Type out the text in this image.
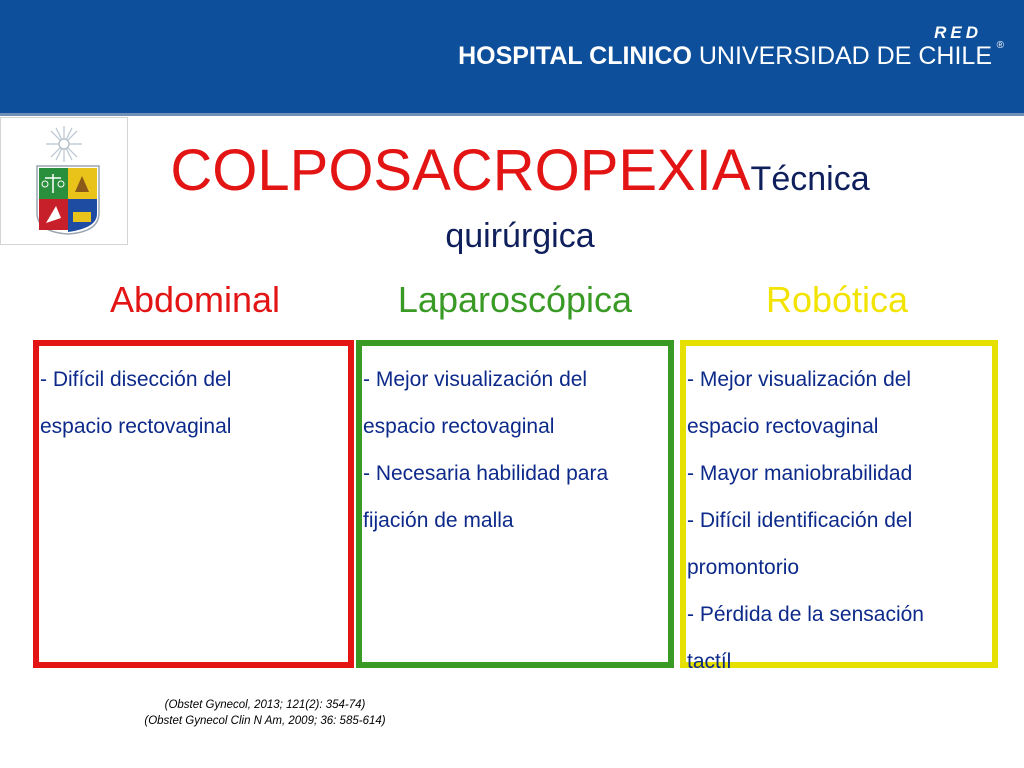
RED
HOSPITAL CLINICO UNIVERSIDAD DE CHILE ®
COLPOSACROPEXIATécnica
quirúrgica
Abdominal	Laparoscópica	Robótica
- Difícil disección del
espacio rectovaginal
- Mejor visualización del
espacio rectovaginal
- Necesaria habilidad para
fijación de malla
- Mejor visualización del
espacio rectovaginal
- Mayor maniobrabilidad
- Difícil identificación del
promontorio
- Pérdida de la sensación
tactíl
(Obstet Gynecol, 2013; 121(2): 354-74)
(Obstet Gynecol Clin N Am, 2009; 36: 585-614)
